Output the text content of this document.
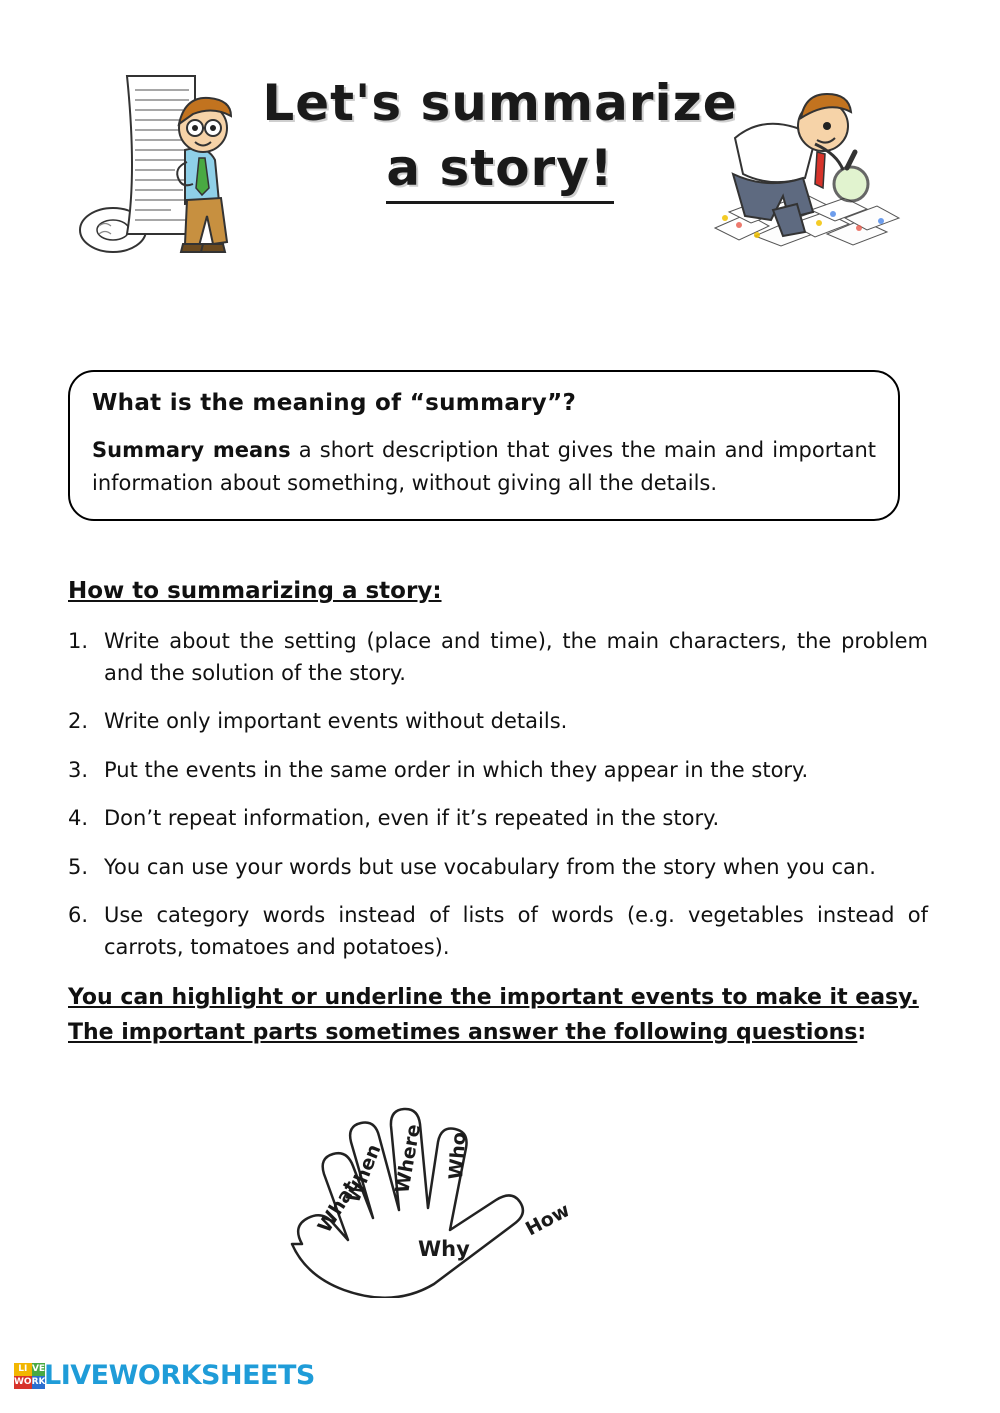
Let's summarize
a story!
What is the meaning of “summary”?
Summary means a short description that gives the main and important information about something, without giving all the details.
How to summarizing a story:
1. Write about the setting (place and time), the main characters, the problem and the solution of the story.
2. Write only important events without details.
3. Put the events in the same order in which they appear in the story.
4. Don’t repeat information, even if it’s repeated in the story.
5. You can use your words but use vocabulary from the story when you can.
6. Use category words instead of lists of words (e.g. vegetables instead of carrots, tomatoes and potatoes).
You can highlight or underline the important events to make it easy.
The important parts sometimes answer the following questions:
What
When Where Who
How
Why
LI VE
WO RK
LIVEWORKSHEETS
